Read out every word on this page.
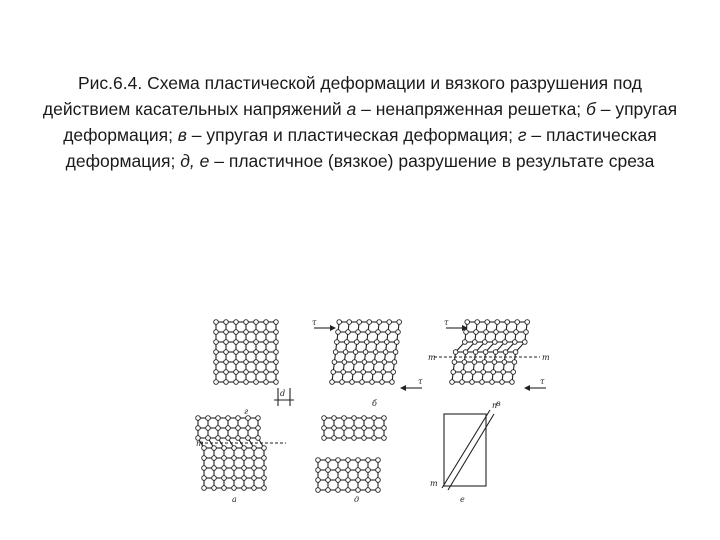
Рис.6.4. Схема пластической деформации и вязкого разрушения под действием касательных напряжений а – ненапряженная решетка; б – упругая деформация; в – упругая и пластическая деформация; г – пластическая деформация; д, е – пластичное (вязкое) разрушение в результате среза

τ
τ
τ
τ
m	m
d
m
n
m
г
б	в
а	д	е
